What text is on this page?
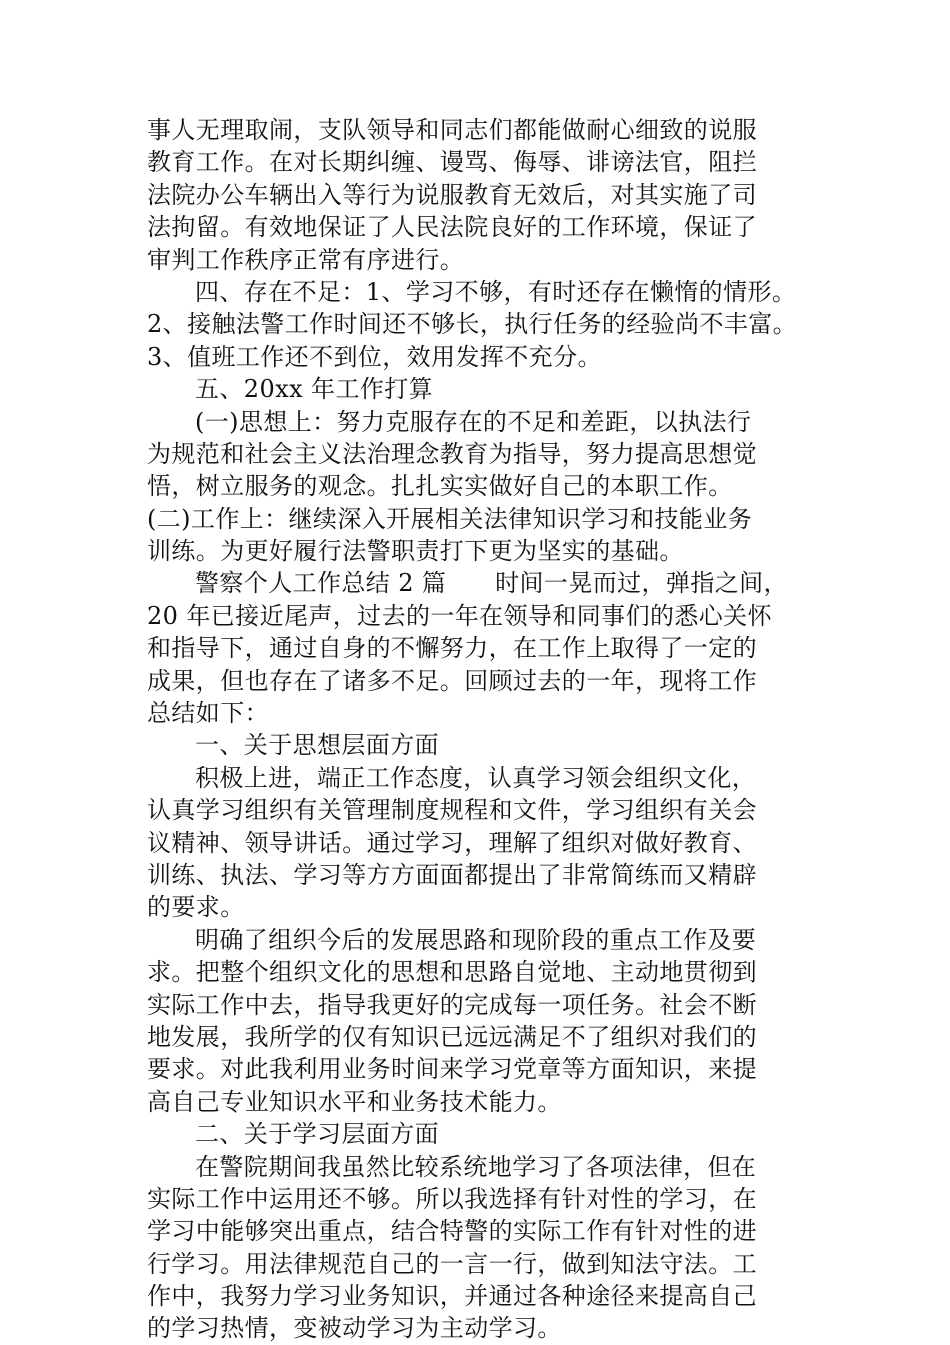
事人无理取闹，支队领导和同志们都能做耐心细致的说服
教育工作。在对长期纠缠、谩骂、侮辱、诽谤法官，阻拦
法院办公车辆出入等行为说服教育无效后，对其实施了司
法拘留。有效地保证了人民法院良好的工作环境，保证了
审判工作秩序正常有序进行。
四、存在不足：1、学习不够，有时还存在懒惰的情形。
2、接触法警工作时间还不够长，执行任务的经验尚不丰富。
3、值班工作还不到位，效用发挥不充分。
五、20xx 年工作打算
(一)思想上：努力克服存在的不足和差距，以执法行
为规范和社会主义法治理念教育为指导，努力提高思想觉
悟，树立服务的观念。扎扎实实做好自己的本职工作。
(二)工作上：继续深入开展相关法律知识学习和技能业务
训练。为更好履行法警职责打下更为坚实的基础。
警察个人工作总结 2 篇　　时间一晃而过，弹指之间，
20 年已接近尾声，过去的一年在领导和同事们的悉心关怀
和指导下，通过自身的不懈努力，在工作上取得了一定的
成果，但也存在了诸多不足。回顾过去的一年，现将工作
总结如下：
一、关于思想层面方面
积极上进，端正工作态度，认真学习领会组织文化，
认真学习组织有关管理制度规程和文件，学习组织有关会
议精神、领导讲话。通过学习，理解了组织对做好教育、
训练、执法、学习等方方面面都提出了非常简练而又精辟
的要求。
明确了组织今后的发展思路和现阶段的重点工作及要
求。把整个组织文化的思想和思路自觉地、主动地贯彻到
实际工作中去，指导我更好的完成每一项任务。社会不断
地发展，我所学的仅有知识已远远满足不了组织对我们的
要求。对此我利用业务时间来学习党章等方面知识，来提
高自己专业知识水平和业务技术能力。
二、关于学习层面方面
在警院期间我虽然比较系统地学习了各项法律，但在
实际工作中运用还不够。所以我选择有针对性的学习，在
学习中能够突出重点，结合特警的实际工作有针对性的进
行学习。用法律规范自己的一言一行，做到知法守法。工
作中，我努力学习业务知识，并通过各种途径来提高自己
的学习热情，变被动学习为主动学习。
